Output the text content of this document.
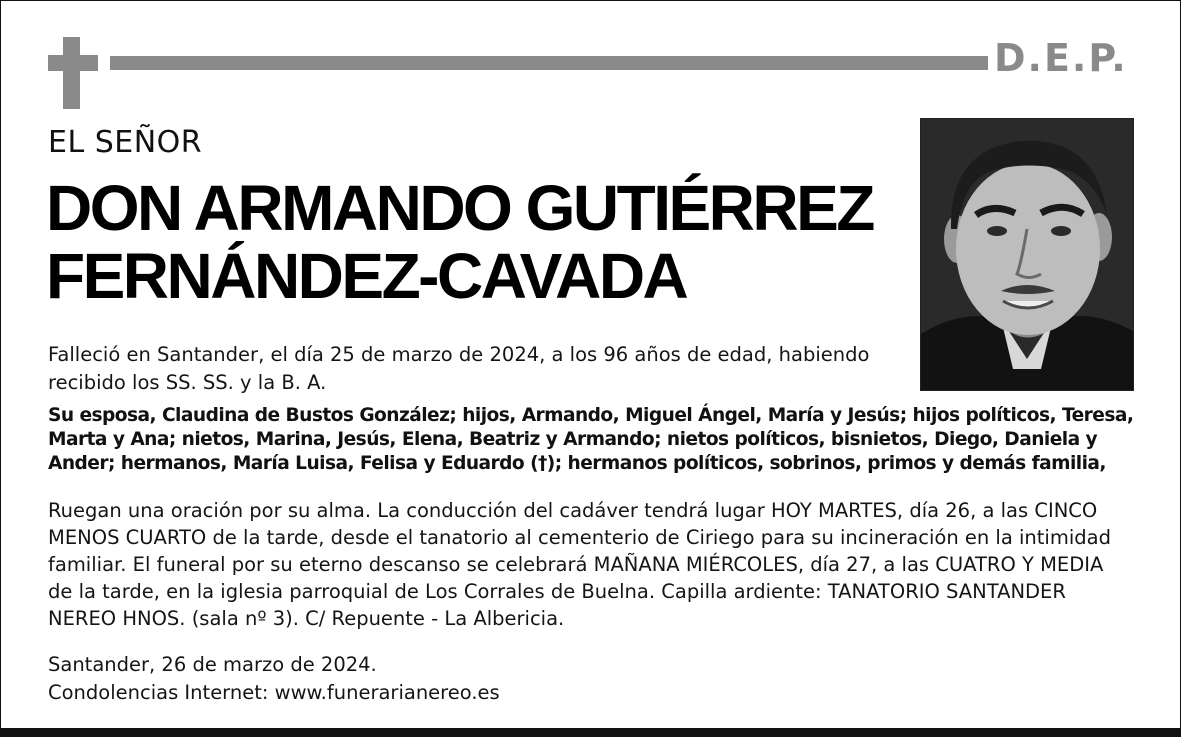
D.E.P.
EL SEÑOR
DON ARMANDO GUTIÉRREZ
FERNÁNDEZ-CAVADA
Falleció en Santander, el día 25 de marzo de 2024, a los 96 años de edad, habiendo
recibido los SS. SS. y la B. A.
Su esposa, Claudina de Bustos González; hijos, Armando, Miguel Ángel, María y Jesús; hijos políticos, Teresa,
Marta y Ana; nietos, Marina, Jesús, Elena, Beatriz y Armando; nietos políticos, bisnietos, Diego, Daniela y
Ander; hermanos, María Luisa, Felisa y Eduardo (†); hermanos políticos, sobrinos, primos y demás familia,
Ruegan una oración por su alma. La conducción del cadáver tendrá lugar HOY MARTES, día 26, a las CINCO
MENOS CUARTO de la tarde, desde el tanatorio al cementerio de Ciriego para su incineración en la intimidad
familiar. El funeral por su eterno descanso se celebrará MAÑANA MIÉRCOLES, día 27, a las CUATRO Y MEDIA
de la tarde, en la iglesia parroquial de Los Corrales de Buelna. Capilla ardiente: TANATORIO SANTANDER
NEREO HNOS. (sala nº 3). C/ Repuente - La Albericia.
Santander, 26 de marzo de 2024.
Condolencias Internet: www.funerarianereo.es
